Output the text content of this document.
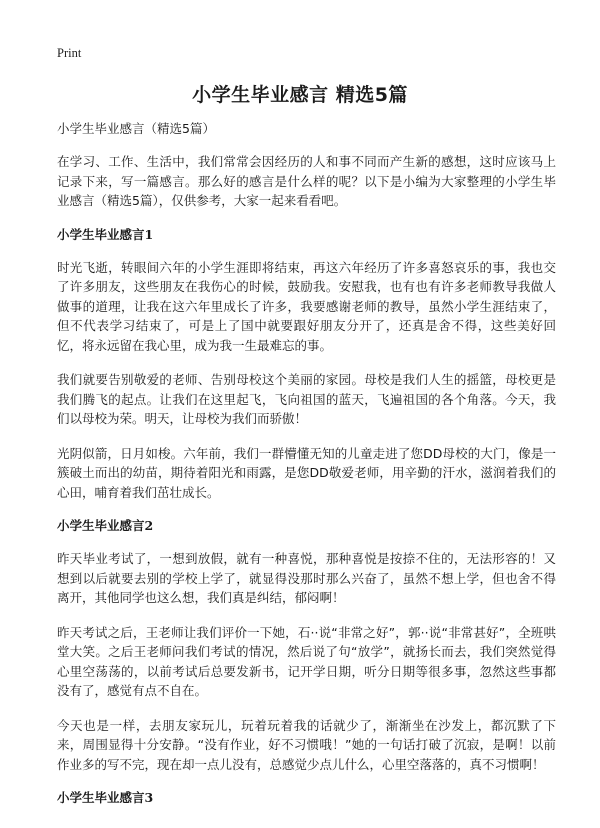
Print
小学生毕业感言 精选5篇

小学生毕业感言（精选5篇）

在学习、工作、生活中，我们常常会因经历的人和事不同而产生新的感想，这时应该马上记录下来，写一篇感言。那么好的感言是什么样的呢？以下是小编为大家整理的小学生毕业感言（精选5篇），仅供参考，大家一起来看看吧。

小学生毕业感言1

时光飞逝，转眼间六年的小学生涯即将结束，再这六年经历了许多喜怒哀乐的事，我也交了许多朋友，这些朋友在我伤心的时候，鼓励我。安慰我，也有也有许多老师教导我做人做事的道理，让我在这六年里成长了许多，我要感谢老师的教导，虽然小学生涯结束了，但不代表学习结束了，可是上了国中就要跟好朋友分开了，还真是舍不得，这些美好回忆，将永远留在我心里，成为我一生最难忘的事。

我们就要告别敬爱的老师、告别母校这个美丽的家园。母校是我们人生的摇篮，母校更是我们腾飞的起点。让我们在这里起飞，飞向祖国的蓝天，飞遍祖国的各个角落。今天，我们以母校为荣。明天，让母校为我们而骄傲！

光阴似箭，日月如梭。六年前，我们一群懵懂无知的儿童走进了您DD母校的大门，像是一簇破土而出的幼苗，期待着阳光和雨露，是您DD敬爱老师，用辛勤的汗水，滋润着我们的心田，哺育着我们茁壮成长。

小学生毕业感言2

昨天毕业考试了，一想到放假，就有一种喜悦，那种喜悦是按捺不住的，无法形容的！又想到以后就要去别的学校上学了，就显得没那时那么兴奋了，虽然不想上学，但也舍不得离开，其他同学也这么想，我们真是纠结，郁闷啊！

昨天考试之后，王老师让我们评价一下她，石··说“非常之好”，郭··说“非常甚好”，全班哄堂大笑。之后王老师问我们考试的情况，然后说了句“放学”，就扬长而去，我们突然觉得心里空荡荡的，以前考试后总要发新书，记开学日期，听分日期等很多事，忽然这些事都没有了，感觉有点不自在。

今天也是一样，去朋友家玩儿，玩着玩着我的话就少了，渐渐坐在沙发上，都沉默了下来，周围显得十分安静。“没有作业，好不习惯哦！”她的一句话打破了沉寂，是啊！以前作业多的写不完，现在却一点儿没有，总感觉少点儿什么，心里空落落的，真不习惯啊！

小学生毕业感言3
